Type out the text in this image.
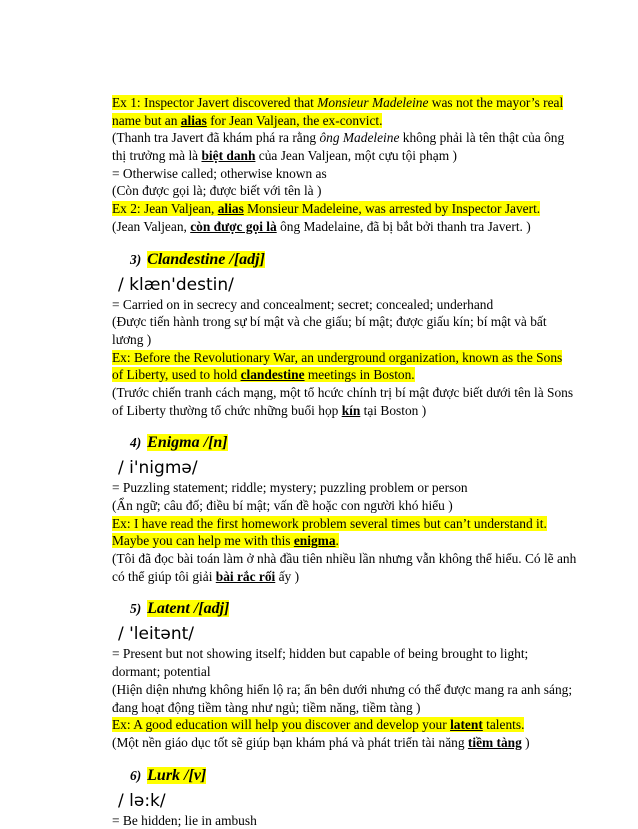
Ex 1: Inspector Javert discovered that Monsieur Madeleine was not the mayor’s real
name but an alias for Jean Valjean, the ex-convict.
(Thanh tra Javert đã khám phá ra rằng ông Madeleine không phải là tên thật của ông
thị trưởng mà là biệt danh của Jean Valjean, một cựu tội phạm )
= Otherwise called; otherwise known as
(Còn được gọi là; được biết với tên là )
Ex 2: Jean Valjean, alias Monsieur Madeleine, was arrested by Inspector Javert.
(Jean Valjean, còn được gọi là ông Madelaine, đã bị bắt bởi thanh tra Javert. )
3) Clandestine /[adj]
/ klæn'destin/
= Carried on in secrecy and concealment; secret; concealed; underhand
(Được tiến hành trong sự bí mật và che giấu; bí mật; được giấu kín; bí mật và bất
lương )
Ex: Before the Revolutionary War, an underground organization, known as the Sons
of Liberty, used to hold clandestine meetings in Boston.
(Trước chiến tranh cách mạng, một tổ hcức chính trị bí mật được biết dưới tên là Sons
of Liberty thường tổ chức những buổi họp kín tại Boston )
4) Enigma /[n]
/ i'nigmə/
= Puzzling statement; riddle; mystery; puzzling problem or person
(Ẩn ngữ; câu đố; điều bí mật; vấn đề hoặc con người khó hiểu )
Ex: I have read the first homework problem several times but can’t understand it.
Maybe you can help me with this enigma.
(Tôi đã đọc bài toán làm ở nhà đầu tiên nhiều lần nhưng vẫn không thể hiểu. Có lẽ anh
có thể giúp tôi giải bài rắc rối ấy )
5) Latent /[adj]
/ 'leitənt/
= Present but not showing itself; hidden but capable of being brought to light;
dormant; potential
(Hiện diện nhưng không hiển lộ ra; ẩn bên dưới nhưng có thể được mang ra anh sáng;
đang hoạt động tiềm tàng như ngủ; tiềm năng, tiềm tàng )
Ex: A good education will help you discover and develop your latent talents.
(Một nền giáo dục tốt sẽ giúp bạn khám phá và phát triển tài năng tiềm tàng )
6) Lurk /[v]
/ lə:k/
= Be hidden; lie in ambush
